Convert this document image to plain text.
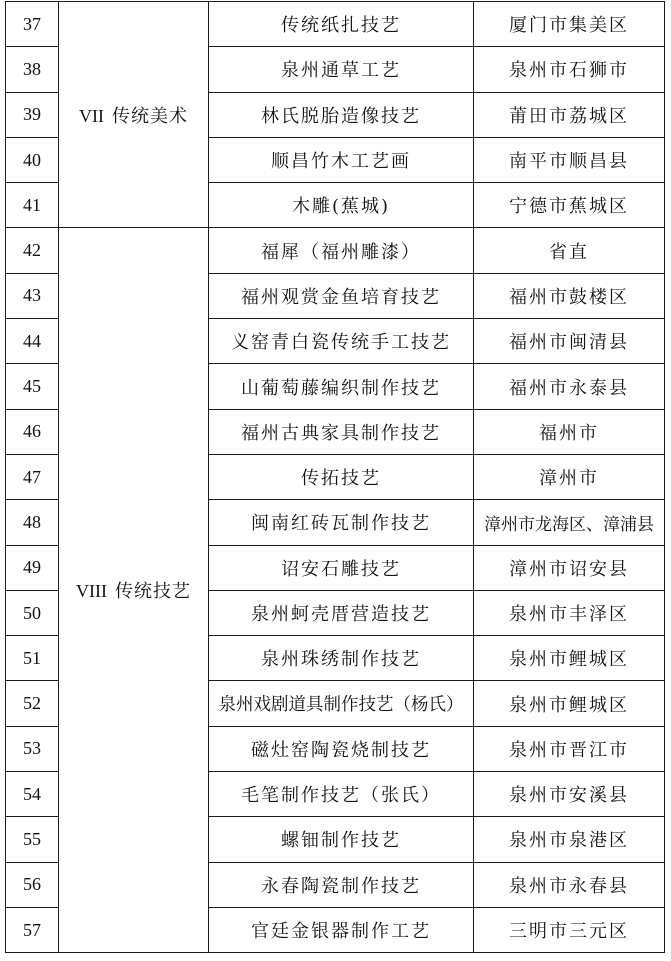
37	VII 传统美术	传统纸扎技艺	厦门市集美区
38		泉州通草工艺	泉州市石狮市
39		林氏脱胎造像技艺	莆田市荔城区
40		顺昌竹木工艺画	南平市顺昌县
41		木雕(蕉城)	宁德市蕉城区
42	VIII 传统技艺	福犀（福州雕漆）	省直
43		福州观赏金鱼培育技艺	福州市鼓楼区
44		义窑青白瓷传统手工技艺	福州市闽清县
45		山葡萄藤编织制作技艺	福州市永泰县
46		福州古典家具制作技艺	福州市
47		传拓技艺	漳州市
48		闽南红砖瓦制作技艺	漳州市龙海区、漳浦县
49		诏安石雕技艺	漳州市诏安县
50		泉州蚵壳厝营造技艺	泉州市丰泽区
51		泉州珠绣制作技艺	泉州市鲤城区
52		泉州戏剧道具制作技艺（杨氏）	泉州市鲤城区
53		磁灶窑陶瓷烧制技艺	泉州市晋江市
54		毛笔制作技艺（张氏）	泉州市安溪县
55		螺钿制作技艺	泉州市泉港区
56		永春陶瓷制作技艺	泉州市永春县
57		官廷金银器制作工艺	三明市三元区
